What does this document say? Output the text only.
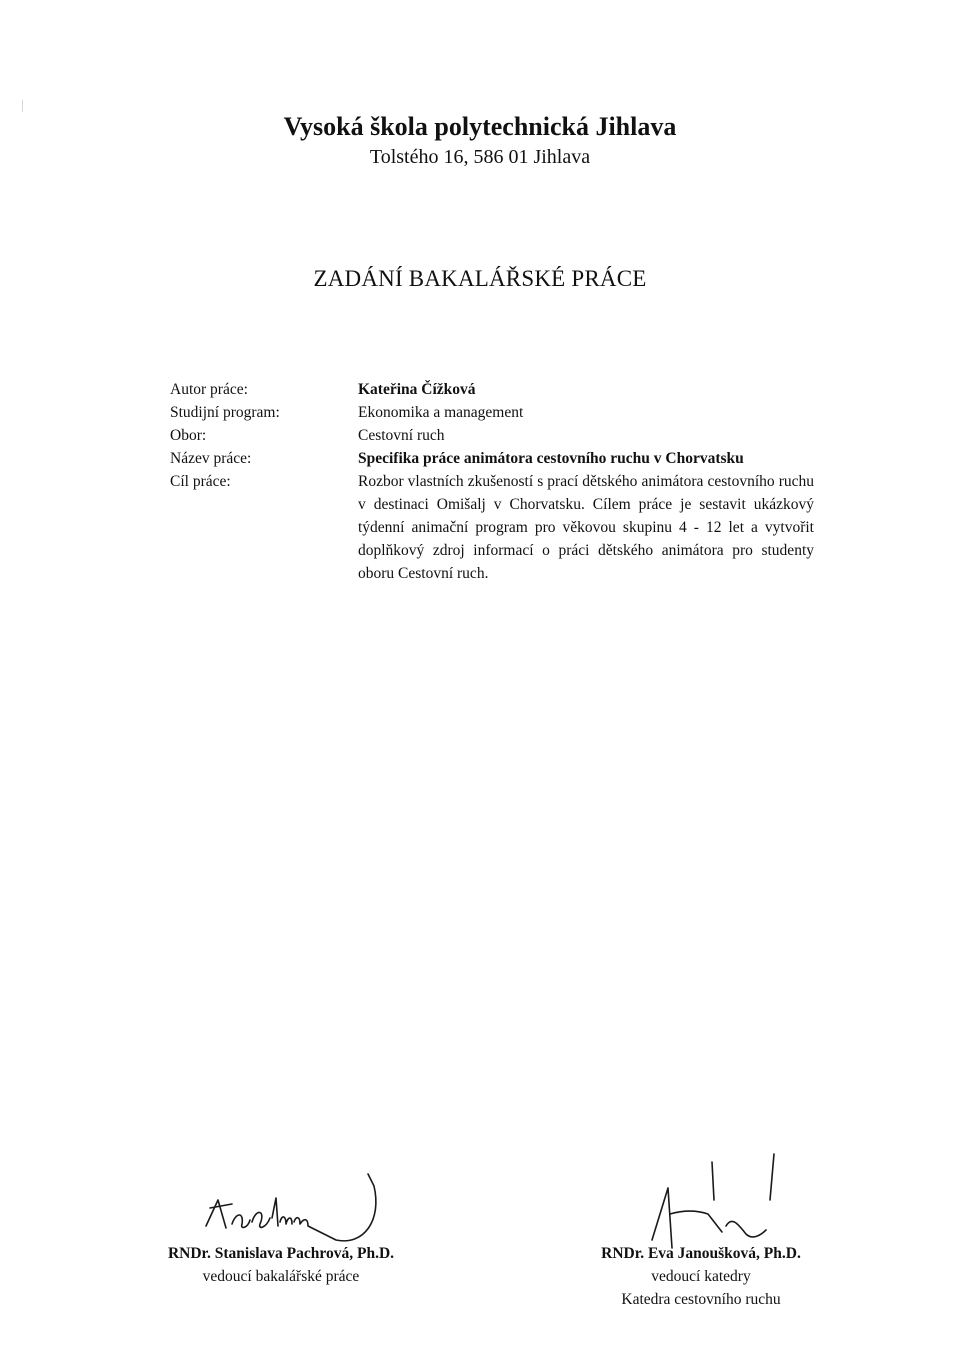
Vysoká škola polytechnická Jihlava
Tolstého 16, 586 01 Jihlava
ZADÁNÍ BAKALÁŘSKÉ PRÁCE
Autor práce:
Studijní program:
Obor:
Název práce:
Cíl práce:
Kateřina Čížková
Ekonomika a management
Cestovní ruch
Specifika práce animátora cestovního ruchu v Chorvatsku
Rozbor vlastních zkušeností s prací dětského animátora cestovního ruchu v destinaci Omišalj v Chorvatsku. Cílem práce je sestavit ukázkový týdenní animační program pro věkovou skupinu 4 - 12 let a vytvořit doplňkový zdroj informací o práci dětského animátora pro studenty oboru Cestovní ruch.
RNDr. Stanislava Pachrová, Ph.D.
vedoucí bakalářské práce
RNDr. Eva Janoušková, Ph.D.
vedoucí katedry
Katedra cestovního ruchu
